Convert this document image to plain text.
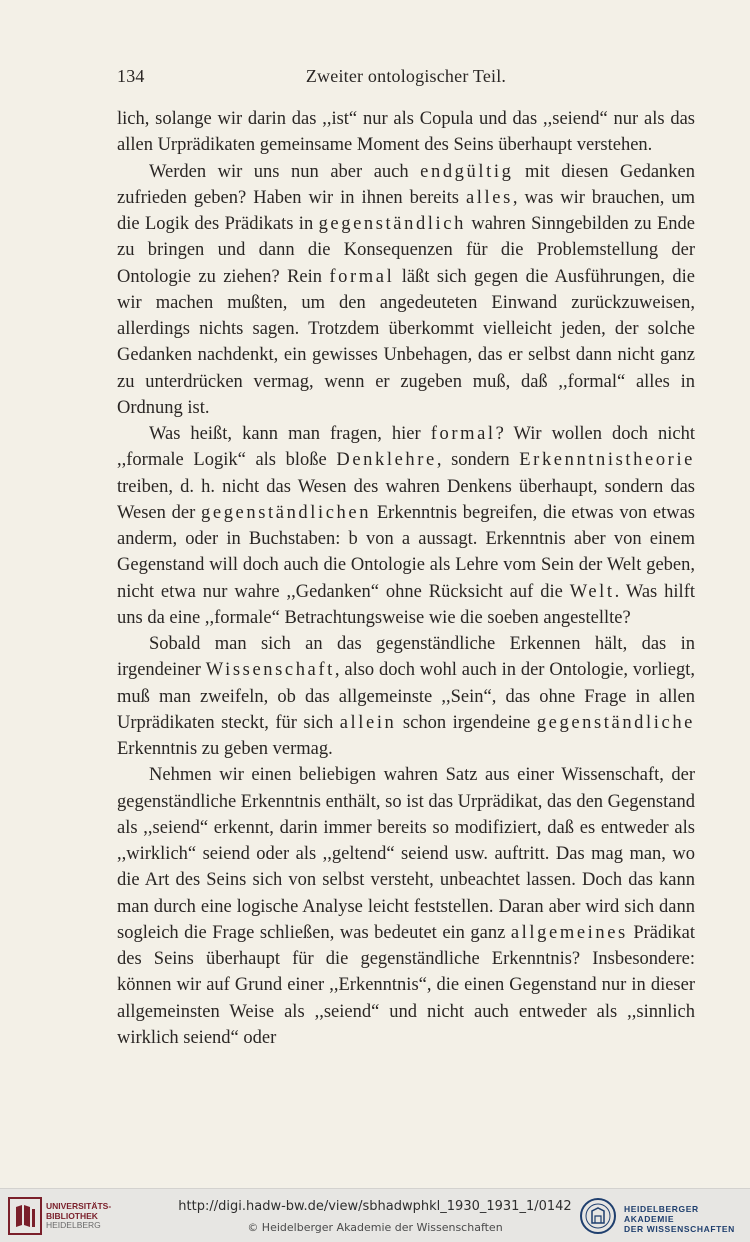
134	Zweiter ontologischer Teil.

lich, solange wir darin das ,,ist“ nur als Copula und das ,,seiend“ nur als das allen Urprädikaten gemeinsame Moment des Seins überhaupt verstehen.

Werden wir uns nun aber auch endgültig mit diesen Gedanken zufrieden geben? Haben wir in ihnen bereits alles, was wir brauchen, um die Logik des Prädikats in gegenständlich wahren Sinngebilden zu Ende zu bringen und dann die Konsequenzen für die Problemstellung der Ontologie zu ziehen? Rein formal läßt sich gegen die Ausführungen, die wir machen mußten, um den angedeuteten Einwand zurückzuweisen, allerdings nichts sagen. Trotzdem überkommt vielleicht jeden, der solche Gedanken nachdenkt, ein gewisses Unbehagen, das er selbst dann nicht ganz zu unterdrücken vermag, wenn er zugeben muß, daß ,,formal“ alles in Ordnung ist.

Was heißt, kann man fragen, hier formal? Wir wollen doch nicht ,,formale Logik“ als bloße Denklehre, sondern Erkenntnistheorie treiben, d. h. nicht das Wesen des wahren Denkens überhaupt, sondern das Wesen der gegenständlichen Erkenntnis begreifen, die etwas von etwas anderm, oder in Buchstaben: b von a aussagt. Erkenntnis aber von einem Gegenstand will doch auch die Ontologie als Lehre vom Sein der Welt geben, nicht etwa nur wahre ,,Gedanken“ ohne Rücksicht auf die Welt. Was hilft uns da eine ,,formale“ Betrachtungsweise wie die soeben angestellte?

Sobald man sich an das gegenständliche Erkennen hält, das in irgendeiner Wissenschaft, also doch wohl auch in der Ontologie, vorliegt, muß man zweifeln, ob das allgemeinste ,,Sein“, das ohne Frage in allen Urprädikaten steckt, für sich allein schon irgendeine gegenständliche Erkenntnis zu geben vermag.

Nehmen wir einen beliebigen wahren Satz aus einer Wissenschaft, der gegenständliche Erkenntnis enthält, so ist das Urprädikat, das den Gegenstand als ,,seiend“ erkennt, darin immer bereits so modifiziert, daß es entweder als ,,wirklich“ seiend oder als ,,geltend“ seiend usw. auftritt. Das mag man, wo die Art des Seins sich von selbst versteht, unbeachtet lassen. Doch das kann man durch eine logische Analyse leicht feststellen. Daran aber wird sich dann sogleich die Frage schließen, was bedeutet ein ganz allgemeines Prädikat des Seins überhaupt für die gegenständliche Erkenntnis? Insbesondere: können wir auf Grund einer ,,Erkenntnis“, die einen Gegenstand nur in dieser allgemeinsten Weise als ,,seiend“ und nicht auch entweder als ,,sinnlich wirklich seiend“ oder

UNIVERSITÄTS-
BIBLIOTHEK
HEIDELBERG
http://digi.hadw-bw.de/view/sbhadwphkl_1930_1931_1/0142
© Heidelberger Akademie der Wissenschaften
HEIDELBERGER AKADEMIE
DER WISSENSCHAFTEN
